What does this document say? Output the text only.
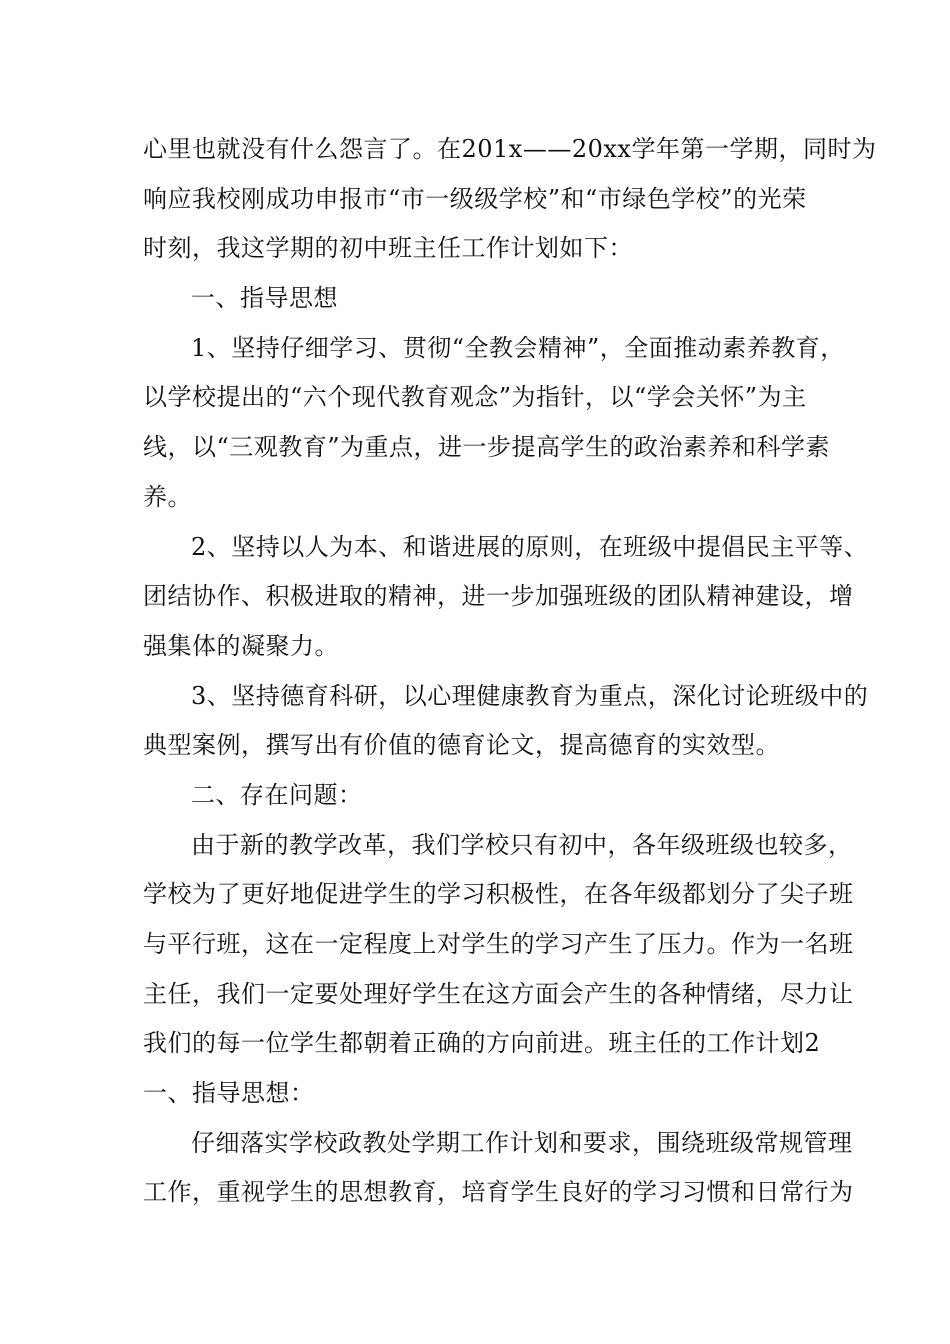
心里也就没有什么怨言了。在201x——20xx学年第一学期，同时为
响应我校刚成功申报市“市一级级学校”和“市绿色学校”的光荣
时刻，我这学期的初中班主任工作计划如下：
一、指导思想
1、坚持仔细学习、贯彻“全教会精神”，全面推动素养教育，
以学校提出的“六个现代教育观念”为指针，以“学会关怀”为主
线，以“三观教育”为重点，进一步提高学生的政治素养和科学素
养。
2、坚持以人为本、和谐进展的原则，在班级中提倡民主平等、
团结协作、积极进取的精神，进一步加强班级的团队精神建设，增
强集体的凝聚力。
3、坚持德育科研，以心理健康教育为重点，深化讨论班级中的
典型案例，撰写出有价值的德育论文，提高德育的实效型。
二、存在问题：
由于新的教学改革，我们学校只有初中，各年级班级也较多，
学校为了更好地促进学生的学习积极性，在各年级都划分了尖子班
与平行班，这在一定程度上对学生的学习产生了压力。作为一名班
主任，我们一定要处理好学生在这方面会产生的各种情绪，尽力让
我们的每一位学生都朝着正确的方向前进。班主任的工作计划2
一、指导思想：
仔细落实学校政教处学期工作计划和要求，围绕班级常规管理
工作，重视学生的思想教育，培育学生良好的学习习惯和日常行为
